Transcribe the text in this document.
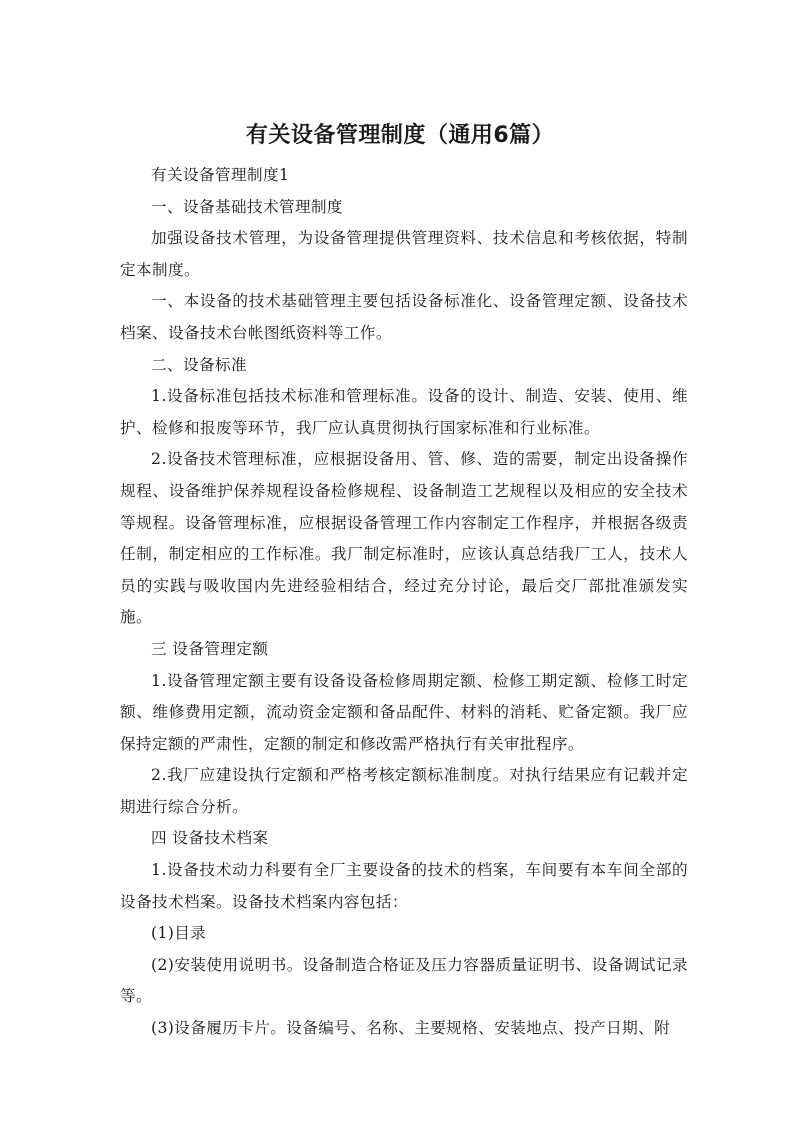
有关设备管理制度（通用6篇）

有关设备管理制度1

一、设备基础技术管理制度

加强设备技术管理，为设备管理提供管理资料、技术信息和考核依据，特制定本制度。

一、本设备的技术基础管理主要包括设备标准化、设备管理定额、设备技术档案、设备技术台帐图纸资料等工作。

二、设备标准

1.设备标准包括技术标准和管理标准。设备的设计、制造、安装、使用、维护、检修和报废等环节，我厂应认真贯彻执行国家标准和行业标准。

2.设备技术管理标准，应根据设备用、管、修、造的需要，制定出设备操作规程、设备维护保养规程设备检修规程、设备制造工艺规程以及相应的安全技术等规程。设备管理标准，应根据设备管理工作内容制定工作程序，并根据各级责任制，制定相应的工作标准。我厂制定标准时，应该认真总结我厂工人，技术人员的实践与吸收国内先进经验相结合，经过充分讨论，最后交厂部批准颁发实施。

三 设备管理定额

1.设备管理定额主要有设备设备检修周期定额、检修工期定额、检修工时定额、维修费用定额，流动资金定额和备品配件、材料的消耗、贮备定额。我厂应保持定额的严肃性，定额的制定和修改需严格执行有关审批程序。

2.我厂应建设执行定额和严格考核定额标准制度。对执行结果应有记载并定期进行综合分析。

四 设备技术档案

1.设备技术动力科要有全厂主要设备的技术的档案，车间要有本车间全部的设备技术档案。设备技术档案内容包括：

(1)目录

(2)安装使用说明书。设备制造合格证及压力容器质量证明书、设备调试记录等。

(3)设备履历卡片。设备编号、名称、主要规格、安装地点、投产日期、附
